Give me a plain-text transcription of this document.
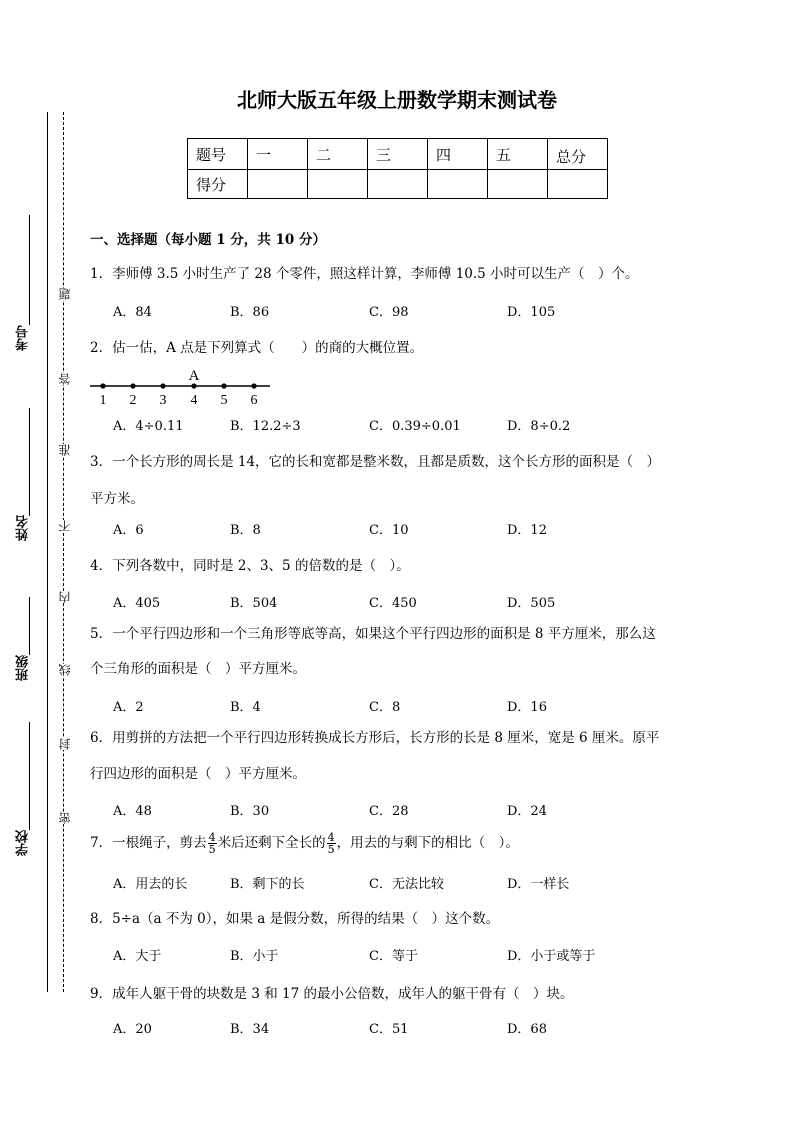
考号
姓名
班级
学校
题
答
准
不
内
线
封
密
北师大版五年级上册数学期末测试卷
题号	一	二	三	四	五	总分
得分						
一、选择题（每小题 1 分，共 10 分）
1．李师傅 3.5 小时生产了 28 个零件，照这样计算，李师傅 10.5 小时可以生产（　）个。
A．84	B．86	C．98	D．105
2．估一估，A 点是下列算式（　　）的商的大概位置。
A
1 2 3 4 5 6
A．4÷0.11	B．12.2÷3	C．0.39÷0.01	D．8÷0.2
3．一个长方形的周长是 14，它的长和宽都是整米数，且都是质数，这个长方形的面积是（　）
平方米。
A．6	B．8	C．10	D．12
4．下列各数中，同时是 2、3、5 的倍数的是（　）。
A．405	B．504	C．450	D．505
5．一个平行四边形和一个三角形等底等高，如果这个平行四边形的面积是 8 平方厘米，那么这
个三角形的面积是（　）平方厘米。
A．2	B．4	C．8	D．16
6．用剪拼的方法把一个平行四边形转换成长方形后，长方形的长是 8 厘米，宽是 6 厘米。原平
行四边形的面积是（　）平方厘米。
A．48	B．30	C．28	D．24
7．一根绳子，剪去 $\frac{4}{5}$ 米后还剩下全长的 $\frac{4}{5}$ ，用去的与剩下的相比（　）。
A．用去的长	B．剩下的长	C．无法比较	D．一样长
8．5÷a（a 不为 0），如果 a 是假分数，所得的结果（　）这个数。
A．大于	B．小于	C．等于	D．小于或等于
9．成年人躯干骨的块数是 3 和 17 的最小公倍数，成年人的躯干骨有（　）块。
A．20	B．34	C．51	D．68
